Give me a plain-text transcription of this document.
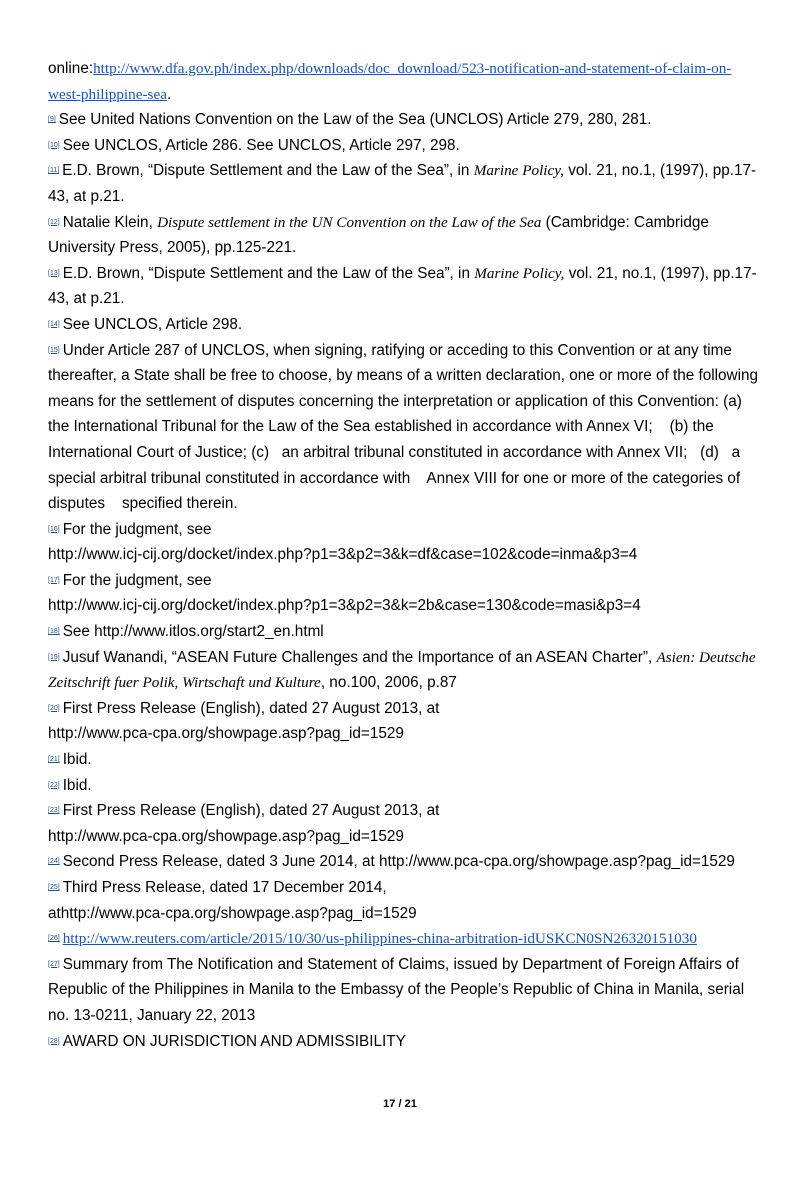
online:http://www.dfa.gov.ph/index.php/downloads/doc_download/523-notification-and-statement-of-claim-on-west-philippine-sea.

[9] See United Nations Convention on the Law of the Sea (UNCLOS) Article 279, 280, 281.

[10] See UNCLOS, Article 286. See UNCLOS, Article 297, 298.

[11] E.D. Brown, “Dispute Settlement and the Law of the Sea”, in Marine Policy, vol. 21, no.1, (1997), pp.17-43, at p.21.

[12] Natalie Klein, Dispute settlement in the UN Convention on the Law of the Sea (Cambridge: Cambridge University Press, 2005), pp.125-221.

[13] E.D. Brown, “Dispute Settlement and the Law of the Sea”, in Marine Policy, vol. 21, no.1, (1997), pp.17-43, at p.21.

[14] See UNCLOS, Article 298.

[15] Under Article 287 of UNCLOS, when signing, ratifying or acceding to this Convention or at any time thereafter, a State shall be free to choose, by means of a written declaration, one or more of the following means for the settlement of disputes concerning the interpretation or application of this Convention: (a) the International Tribunal for the Law of the Sea established in accordance with Annex VI;    (b) the International Court of Justice; (c)   an arbitral tribunal constituted in accordance with Annex VII;   (d)   a special arbitral tribunal constituted in accordance with    Annex VIII for one or more of the categories of disputes    specified therein.

[16] For the judgment, see
http://www.icj-cij.org/docket/index.php?p1=3&p2=3&k=df&case=102&code=inma&p3=4

[17] For the judgment, see
http://www.icj-cij.org/docket/index.php?p1=3&p2=3&k=2b&case=130&code=masi&p3=4

[18] See http://www.itlos.org/start2_en.html

[19] Jusuf Wanandi, “ASEAN Future Challenges and the Importance of an ASEAN Charter”, Asien: Deutsche Zeitschrift fuer Polik, Wirtschaft und Kulture, no.100, 2006, p.87

[20] First Press Release (English), dated 27 August 2013, at
http://www.pca-cpa.org/showpage.asp?pag_id=1529

[21] Ibid.

[22] Ibid.

[23] First Press Release (English), dated 27 August 2013, at
http://www.pca-cpa.org/showpage.asp?pag_id=1529

[24] Second Press Release, dated 3 June 2014, at http://www.pca-cpa.org/showpage.asp?pag_id=1529

[25] Third Press Release, dated 17 December 2014,
athttp://www.pca-cpa.org/showpage.asp?pag_id=1529

[26] http://www.reuters.com/article/2015/10/30/us-philippines-china-arbitration-idUSKCN0SN26320151030

[27] Summary from The Notification and Statement of Claims, issued by Department of Foreign Affairs of Republic of the Philippines in Manila to the Embassy of the People’s Republic of China in Manila, serial no. 13-0211, January 22, 2013

[28] AWARD ON JURISDICTION AND ADMISSIBILITY

17 / 21
